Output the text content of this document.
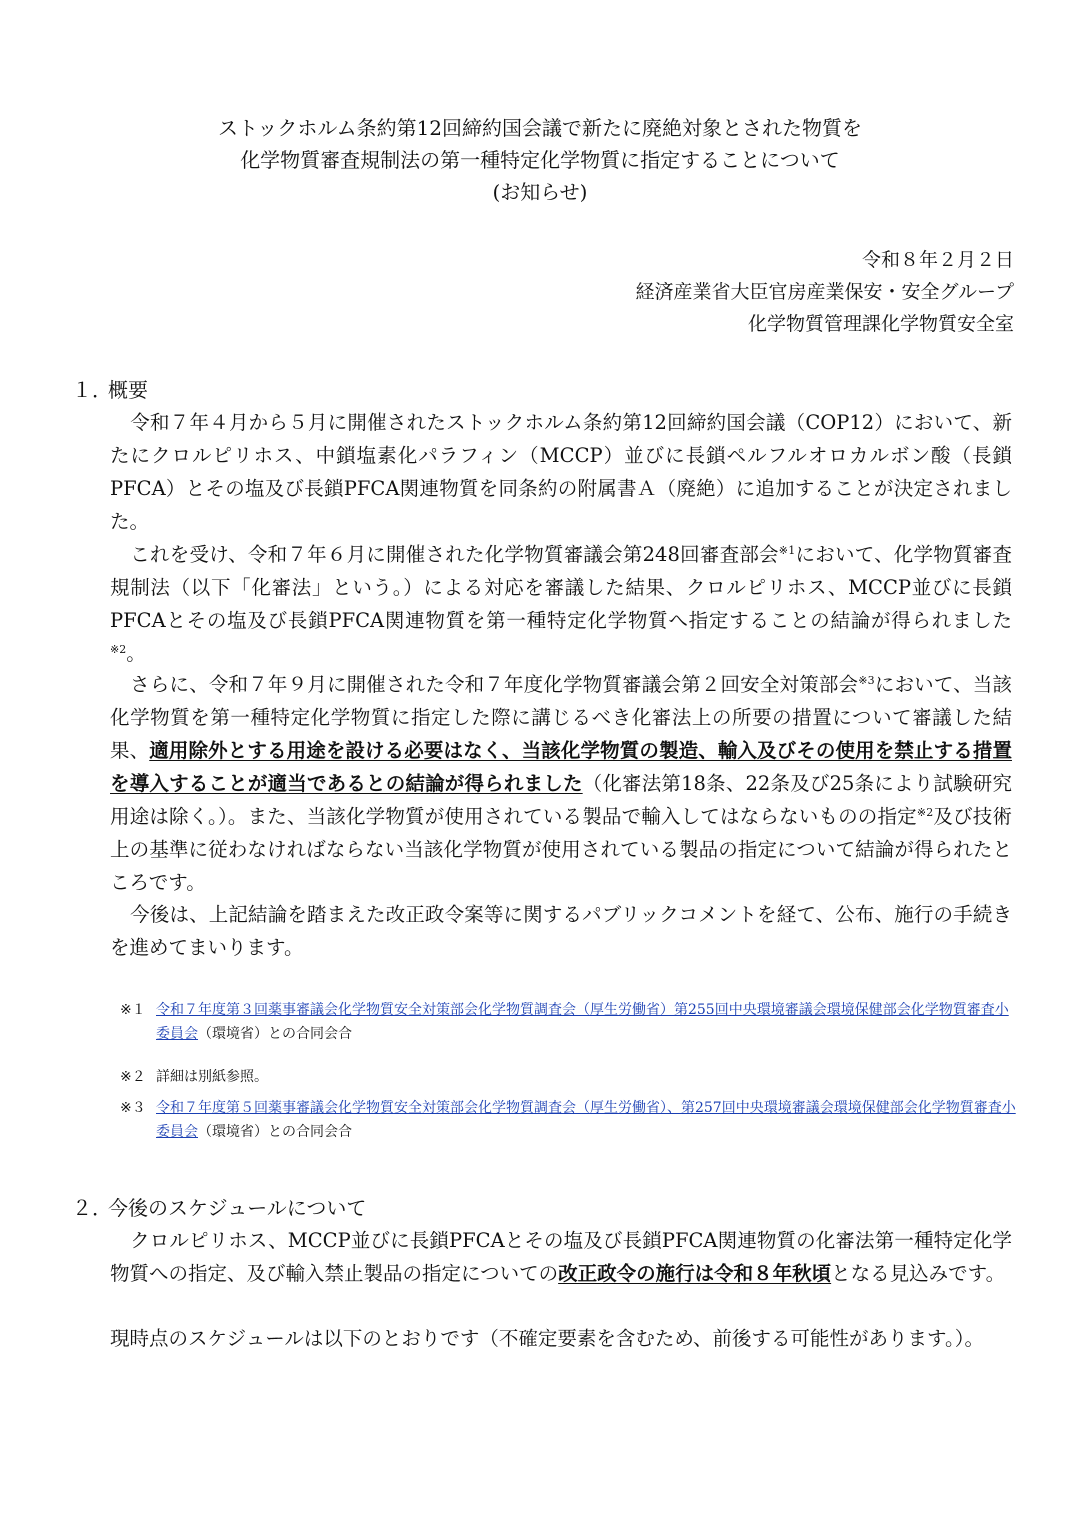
ストックホルム条約第12回締約国会議で新たに廃絶対象とされた物質を
化学物質審査規制法の第一種特定化学物質に指定することについて
(お知らせ)
令和８年２月２日
経済産業省大臣官房産業保安・安全グループ
化学物質管理課化学物質安全室
１．概要
令和７年４月から５月に開催されたストックホルム条約第12回締約国会議（COP12）において、新たにクロルピリホス、中鎖塩素化パラフィン（MCCP）並びに長鎖ペルフルオロカルボン酸（長鎖PFCA）とその塩及び長鎖PFCA関連物質を同条約の附属書Ａ（廃絶）に追加することが決定されました。
これを受け、令和７年６月に開催された化学物質審議会第248回審査部会$^{※1}$において、化学物質審査規制法（以下「化審法」という。）による対応を審議した結果、クロルピリホス、MCCP並びに長鎖PFCAとその塩及び長鎖PFCA関連物質を第一種特定化学物質へ指定することの結論が得られました$^{※2}$。
さらに、令和７年９月に開催された令和７年度化学物質審議会第２回安全対策部会$^{※3}$において、当該化学物質を第一種特定化学物質に指定した際に講じるべき化審法上の所要の措置について審議した結果、適用除外とする用途を設ける必要はなく、当該化学物質の製造、輸入及びその使用を禁止する措置を導入することが適当であるとの結論が得られました（化審法第18条、22条及び25条により試験研究用途は除く。）。また、当該化学物質が使用されている製品で輸入してはならないものの指定$^{※2}$及び技術上の基準に従わなければならない当該化学物質が使用されている製品の指定について結論が得られたところです。
今後は、上記結論を踏まえた改正政令案等に関するパブリックコメントを経て、公布、施行の手続きを進めてまいります。
※１ 令和７年度第３回薬事審議会化学物質安全対策部会化学物質調査会（厚生労働省）第255回中央環境審議会環境保健部会化学物質審査小委員会（環境省）との合同会合
※２ 詳細は別紙参照。
※３ 令和７年度第５回薬事審議会化学物質安全対策部会化学物質調査会（厚生労働省）、第257回中央環境審議会環境保健部会化学物質審査小委員会（環境省）との合同会合
２．今後のスケジュールについて
クロルピリホス、MCCP並びに長鎖PFCAとその塩及び長鎖PFCA関連物質の化審法第一種特定化学物質への指定、及び輸入禁止製品の指定についての改正政令の施行は令和８年秋頃となる見込みです。
現時点のスケジュールは以下のとおりです（不確定要素を含むため、前後する可能性があります。）。
